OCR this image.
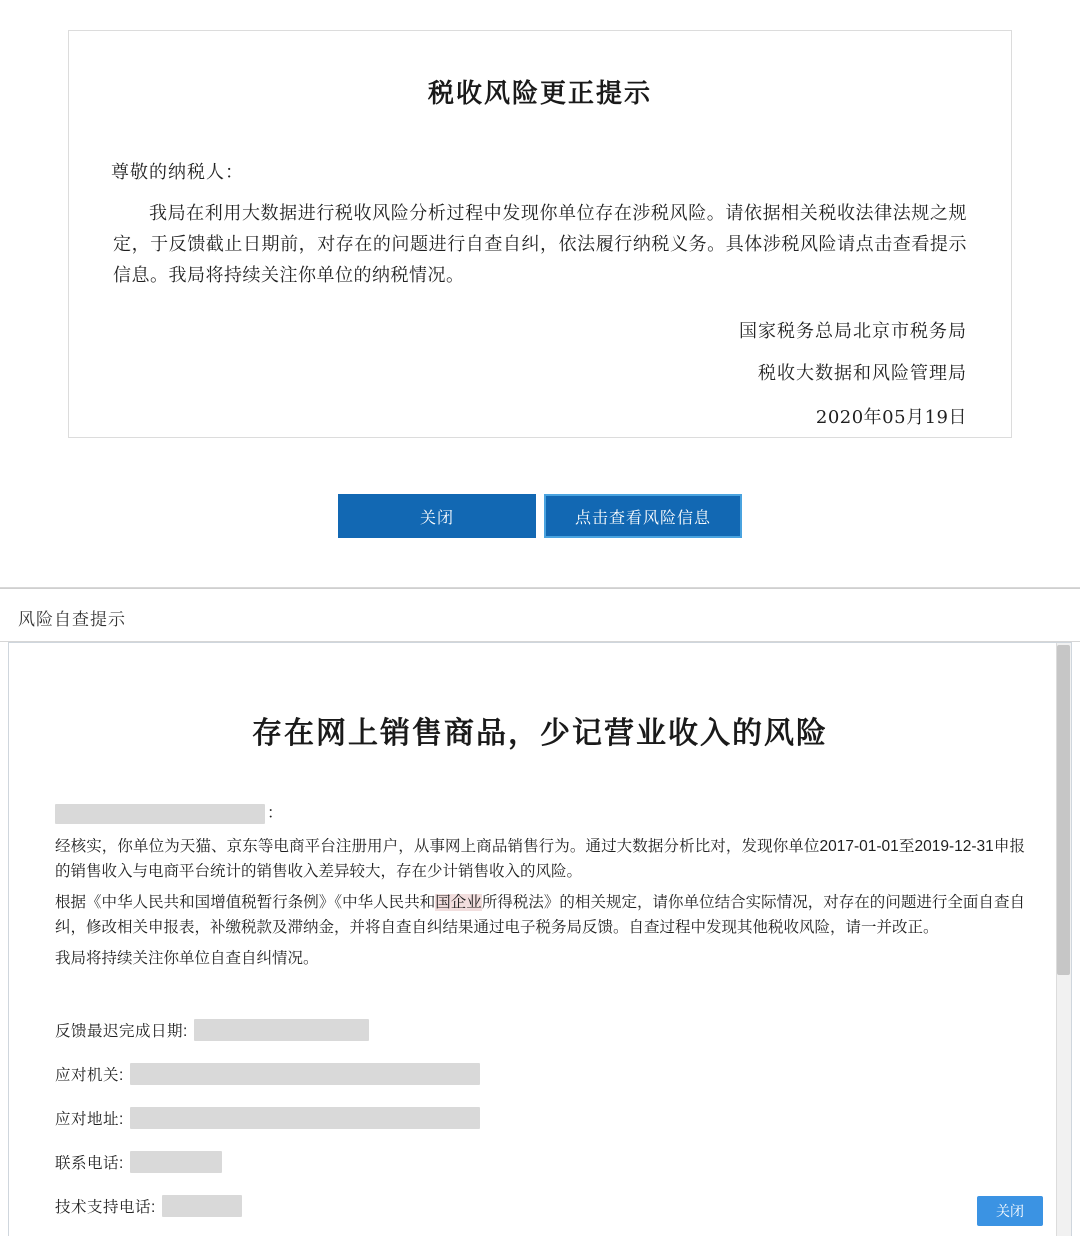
税收风险更正提示
尊敬的纳税人：
我局在利用大数据进行税收风险分析过程中发现你单位存在涉税风险。请依据相关税收法律法规之规定，于反馈截止日期前，对存在的问题进行自查自纠，依法履行纳税义务。具体涉税风险请点击查看提示信息。我局将持续关注你单位的纳税情况。
国家税务总局北京市税务局
税收大数据和风险管理局
2020年05月19日
关闭	点击查看风险信息
风险自查提示
存在网上销售商品，少记营业收入的风险
：
经核实，你单位为天猫、京东等电商平台注册用户，从事网上商品销售行为。通过大数据分析比对，发现你单位2017-01-01至2019-12-31申报的销售收入与电商平台统计的销售收入差异较大，存在少计销售收入的风险。
根据《中华人民共和国增值税暂行条例》《中华人民共和国企业所得税法》的相关规定，请你单位结合实际情况，对存在的问题进行全面自查自纠，修改相关申报表，补缴税款及滞纳金，并将自查自纠结果通过电子税务局反馈。自查过程中发现其他税收风险，请一并改正。
我局将持续关注你单位自查自纠情况。
反馈最迟完成日期:
应对机关:
应对地址:
联系电话:
技术支持电话:	关闭
